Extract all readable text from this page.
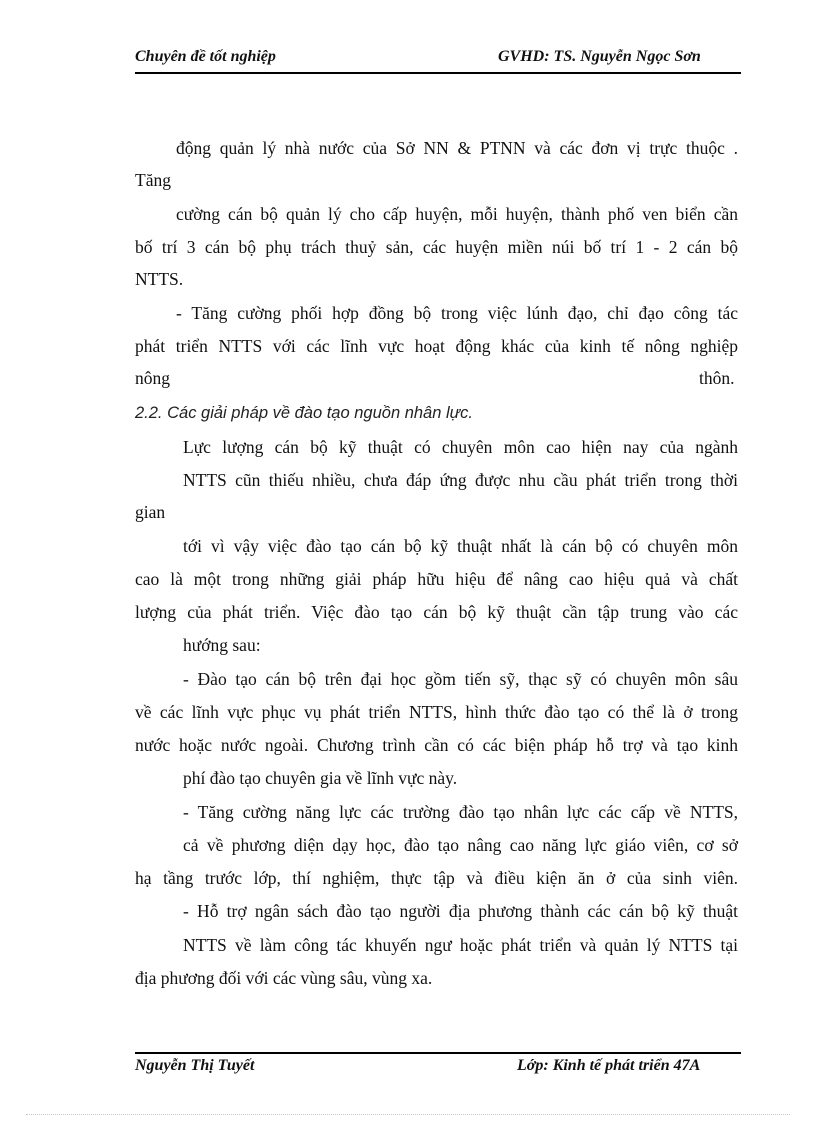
Chuyên đề tốt nghiệp	GVHD: TS. Nguyễn Ngọc Sơn
động quản lý nhà nước của Sở NN & PTNN và các đơn vị trực thuộc .
Tăng
cường cán bộ quản lý cho cấp huyện, mỗi huyện, thành phố ven biển cần
bố trí 3 cán bộ phụ trách thuỷ sản, các huyện miền núi bố trí 1 - 2 cán bộ
NTTS.
- Tăng cường phối hợp đồng bộ trong việc lúnh đạo, chỉ đạo công tác
phát triển NTTS với các lĩnh vực hoạt động khác của kinh tế nông nghiệp
nông	thôn.
2.2. Các giải pháp về đào tạo nguồn nhân lực.
Lực lượng cán bộ kỹ thuật có chuyên môn cao hiện nay của ngành
NTTS cũn thiếu nhiều, chưa đáp ứng được nhu cầu phát triển trong thời
gian
tới vì vậy việc đào tạo cán bộ kỹ thuật nhất là cán bộ có chuyên môn
cao là một trong những giải pháp hữu hiệu để nâng cao hiệu quả và chất
lượng của phát triển. Việc đào tạo cán bộ kỹ thuật cần tập trung vào các
hướng sau:
- Đào tạo cán bộ trên đại học gồm tiến sỹ, thạc sỹ có chuyên môn sâu
về các lĩnh vực phục vụ phát triển NTTS, hình thức đào tạo có thể là ở trong
nước hoặc nước ngoài. Chương trình cần có các biện pháp hỗ trợ và tạo kinh
phí đào tạo chuyên gia về lĩnh vực này.
- Tăng cường năng lực các trường đào tạo nhân lực các cấp về NTTS,
cả về phương diện dạy học, đào tạo nâng cao năng lực giáo viên, cơ sở
hạ tầng trước lớp, thí nghiệm, thực tập và điều kiện ăn ở của sinh viên.
- Hỗ trợ ngân sách đào tạo người địa phương thành các cán bộ kỹ thuật
NTTS về làm công tác khuyến ngư hoặc phát triển và quản lý NTTS tại
địa phương đối với các vùng sâu, vùng xa.
Nguyễn Thị Tuyết	Lớp: Kinh tế phát triển 47A
